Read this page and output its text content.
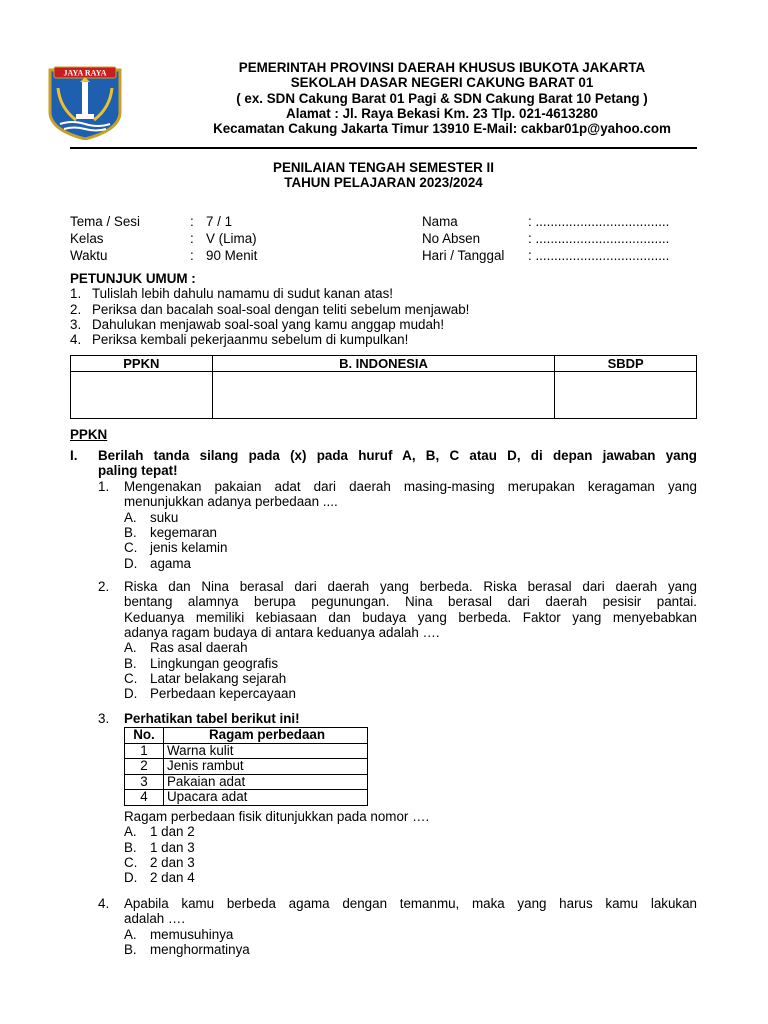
JAYA RAYA	PEMERINTAH PROVINSI DAERAH KHUSUS IBUKOTA JAKARTA
SEKOLAH DASAR NEGERI CAKUNG BARAT 01
( ex. SDN Cakung Barat 01 Pagi & SDN Cakung Barat 10 Petang )
Alamat : Jl. Raya Bekasi Km. 23 Tlp. 021-4613280
Kecamatan Cakung Jakarta Timur 13910 E-Mail: cakbar01p@yahoo.com
PENILAIAN TENGAH SEMESTER II
TAHUN PELAJARAN 2023/2024
Tema / Sesi	: 7 / 1	Nama	: ....................................
Kelas	: V (Lima)	No Absen	: ....................................
Waktu	: 90 Menit	Hari / Tanggal : ....................................
PETUNJUK UMUM :
1. Tulislah lebih dahulu namamu di sudut kanan atas!
2. Periksa dan bacalah soal-soal dengan teliti sebelum menjawab!
3. Dahulukan menjawab soal-soal yang kamu anggap mudah!
4. Periksa kembali pekerjaanmu sebelum di kumpulkan!
PPKN	B. INDONESIA	SBDP

PPKN
I. Berilah tanda silang pada (x) pada huruf A, B, C atau D, di depan jawaban yang
paling tepat!
1. Mengenakan pakaian adat dari daerah masing-masing merupakan keragaman yang
menunjukkan adanya perbedaan ....
A. suku
B. kegemaran
C. jenis kelamin
D. agama
2. Riska dan Nina berasal dari daerah yang berbeda. Riska berasal dari daerah yang
bentang alamnya berupa pegunungan. Nina berasal dari daerah pesisir pantai.
Keduanya memiliki kebiasaan dan budaya yang berbeda. Faktor yang menyebabkan
adanya ragam budaya di antara keduanya adalah ….
A. Ras asal daerah
B. Lingkungan geografis
C. Latar belakang sejarah
D. Perbedaan kepercayaan
3. Perhatikan tabel berikut ini!
No.	Ragam perbedaan
1	Warna kulit
2	Jenis rambut
3	Pakaian adat
4	Upacara adat
Ragam perbedaan fisik ditunjukkan pada nomor ….
A. 1 dan 2
B. 1 dan 3
C. 2 dan 3
D. 2 dan 4
4. Apabila kamu berbeda agama dengan temanmu, maka yang harus kamu lakukan
adalah ….
A. memusuhinya
B. menghormatinya
